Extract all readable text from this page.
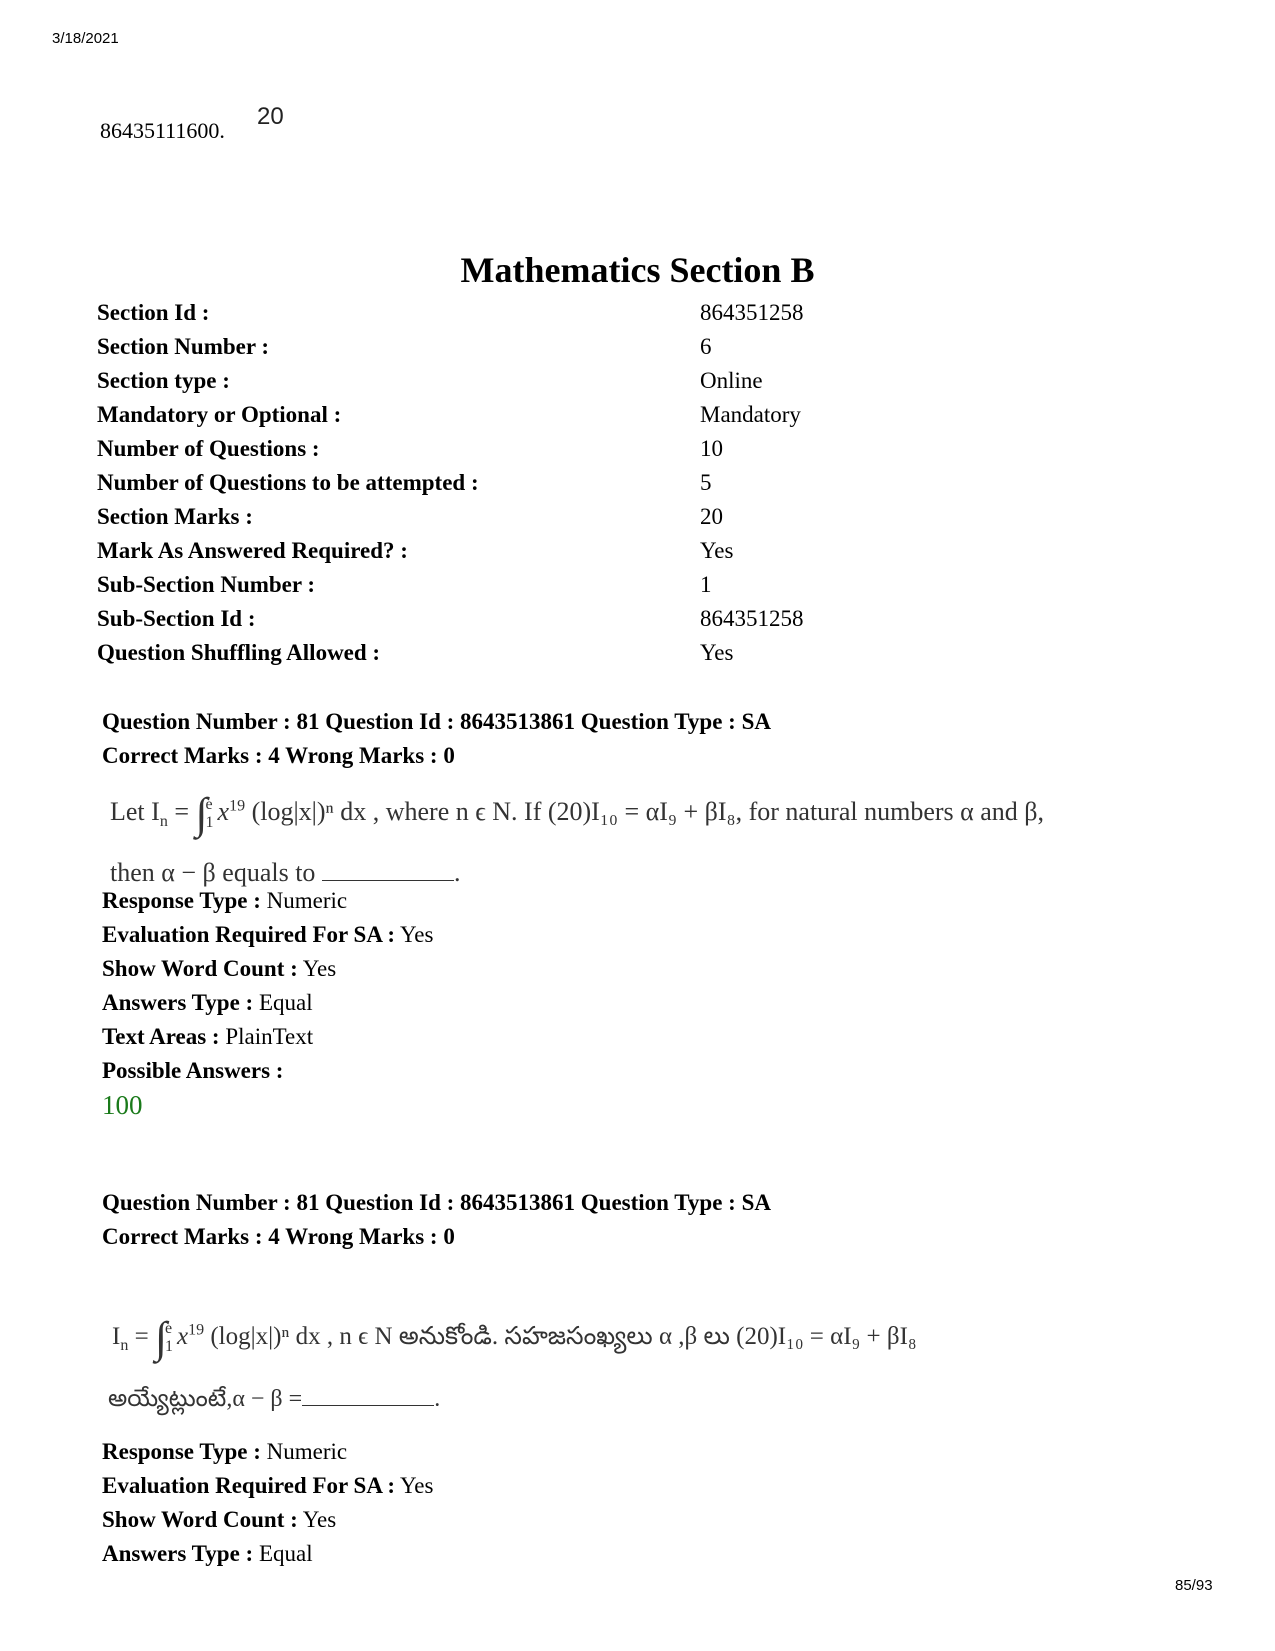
3/18/2021
86435111600.
20
Mathematics Section B
Section Id :	864351258
Section Number :	6
Section type :	Online
Mandatory or Optional :	Mandatory
Number of Questions :	10
Number of Questions to be attempted :	5
Section Marks :	20
Mark As Answered Required? :	Yes
Sub-Section Number :	1
Sub-Section Id :	864351258
Question Shuffling Allowed :	Yes
Question Number : 81 Question Id : 8643513861 Question Type : SA
Correct Marks : 4 Wrong Marks : 0
Let $I_n = \int e$
1 $x^{19}$ (log|x|)ⁿ dx , where n ϵ N. If (20)I₁₀ = αI₉ + βI₈, for natural numbers α and β,
then α − β equals to	.
Response Type : Numeric
Evaluation Required For SA : Yes
Show Word Count : Yes
Answers Type : Equal
Text Areas : PlainText
Possible Answers :
100
Question Number : 81 Question Id : 8643513861 Question Type : SA
Correct Marks : 4 Wrong Marks : 0
$I_n = \int e$
1 $x^{19}$ (log|x|)ⁿ dx , n ϵ N అనుకోండి. సహజసంఖ్యలు α ,β లు (20)I₁₀ = αI₉ + βI₈
అయ్యేట్లుంటే,α − β =	.
Response Type : Numeric
Evaluation Required For SA : Yes
Show Word Count : Yes
Answers Type : Equal
85/93
